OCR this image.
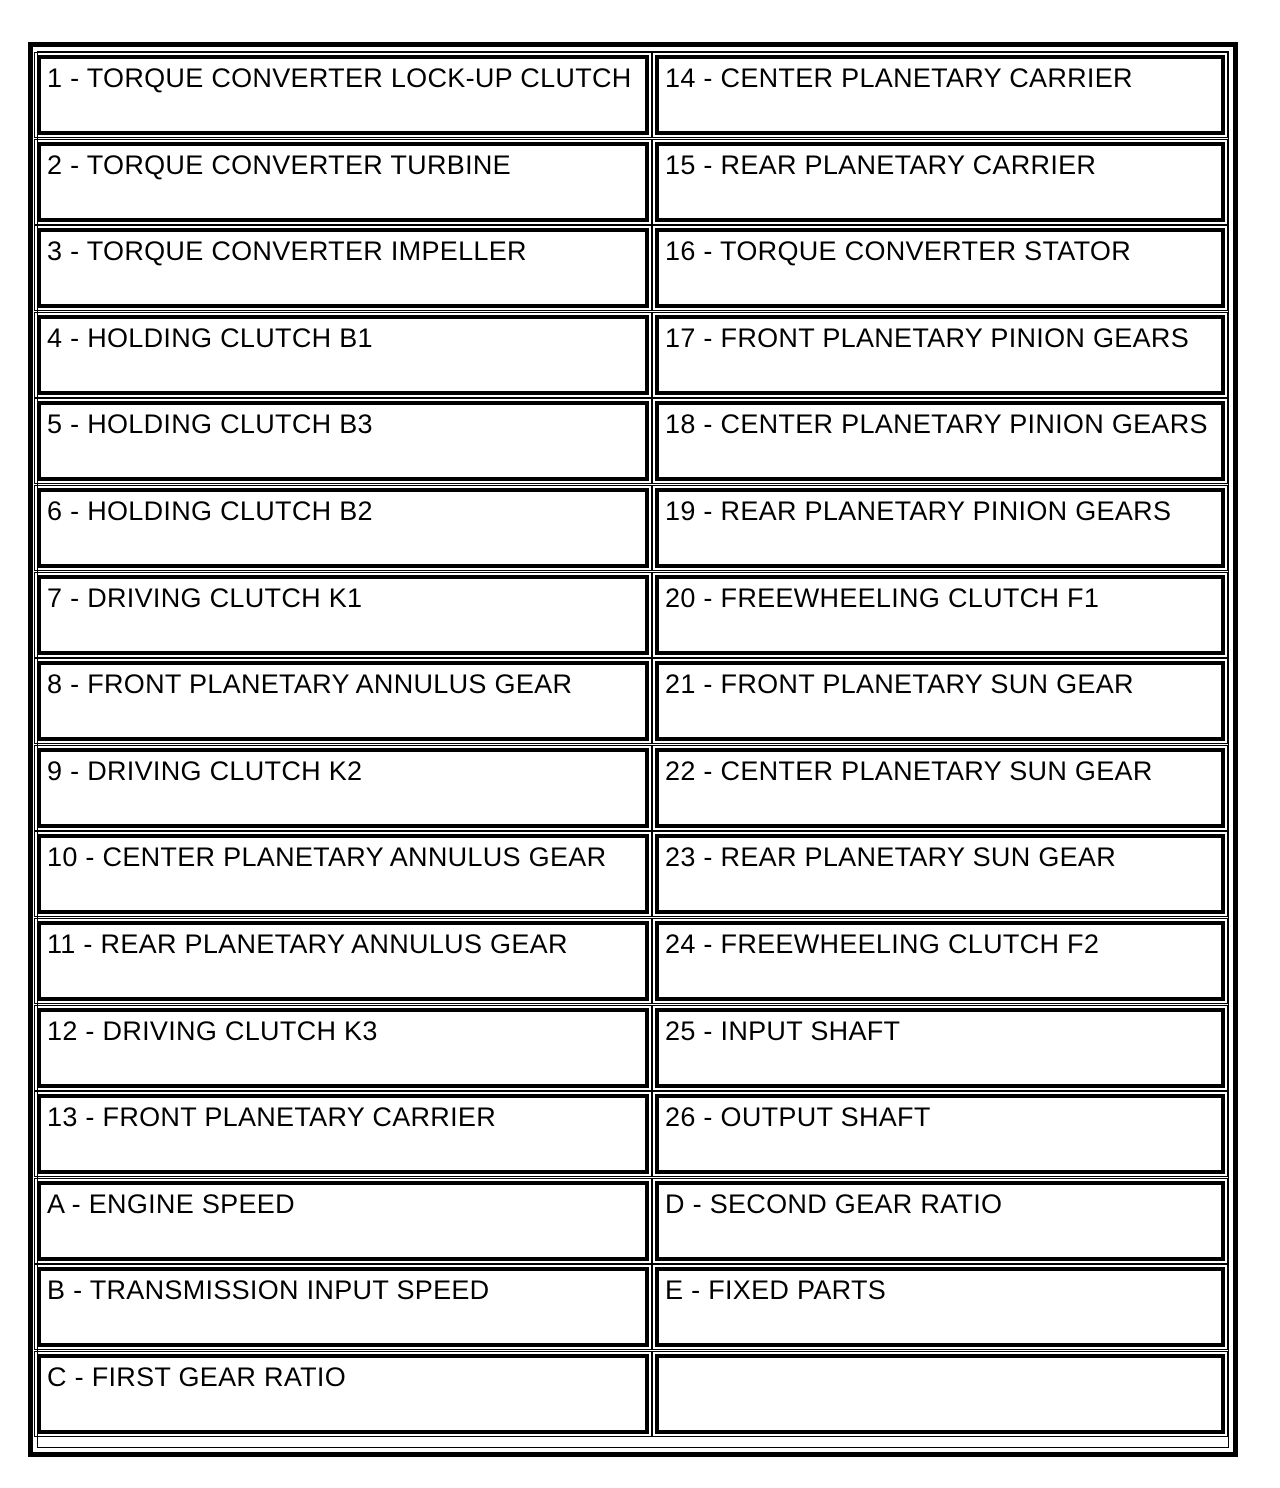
1 - TORQUE CONVERTER LOCK-UP CLUTCH 14 - CENTER PLANETARY CARRIER
2 - TORQUE CONVERTER TURBINE	15 - REAR PLANETARY CARRIER
3 - TORQUE CONVERTER IMPELLER	16 - TORQUE CONVERTER STATOR
4 - HOLDING CLUTCH B1	17 - FRONT PLANETARY PINION GEARS
5 - HOLDING CLUTCH B3	18 - CENTER PLANETARY PINION GEARS
6 - HOLDING CLUTCH B2	19 - REAR PLANETARY PINION GEARS
7 - DRIVING CLUTCH K1	20 - FREEWHEELING CLUTCH F1
8 - FRONT PLANETARY ANNULUS GEAR	21 - FRONT PLANETARY SUN GEAR
9 - DRIVING CLUTCH K2	22 - CENTER PLANETARY SUN GEAR
10 - CENTER PLANETARY ANNULUS GEAR 23 - REAR PLANETARY SUN GEAR
11 - REAR PLANETARY ANNULUS GEAR	24 - FREEWHEELING CLUTCH F2
12 - DRIVING CLUTCH K3	25 - INPUT SHAFT
13 - FRONT PLANETARY CARRIER	26 - OUTPUT SHAFT
A - ENGINE SPEED	D - SECOND GEAR RATIO
B - TRANSMISSION INPUT SPEED	E - FIXED PARTS
C - FIRST GEAR RATIO
